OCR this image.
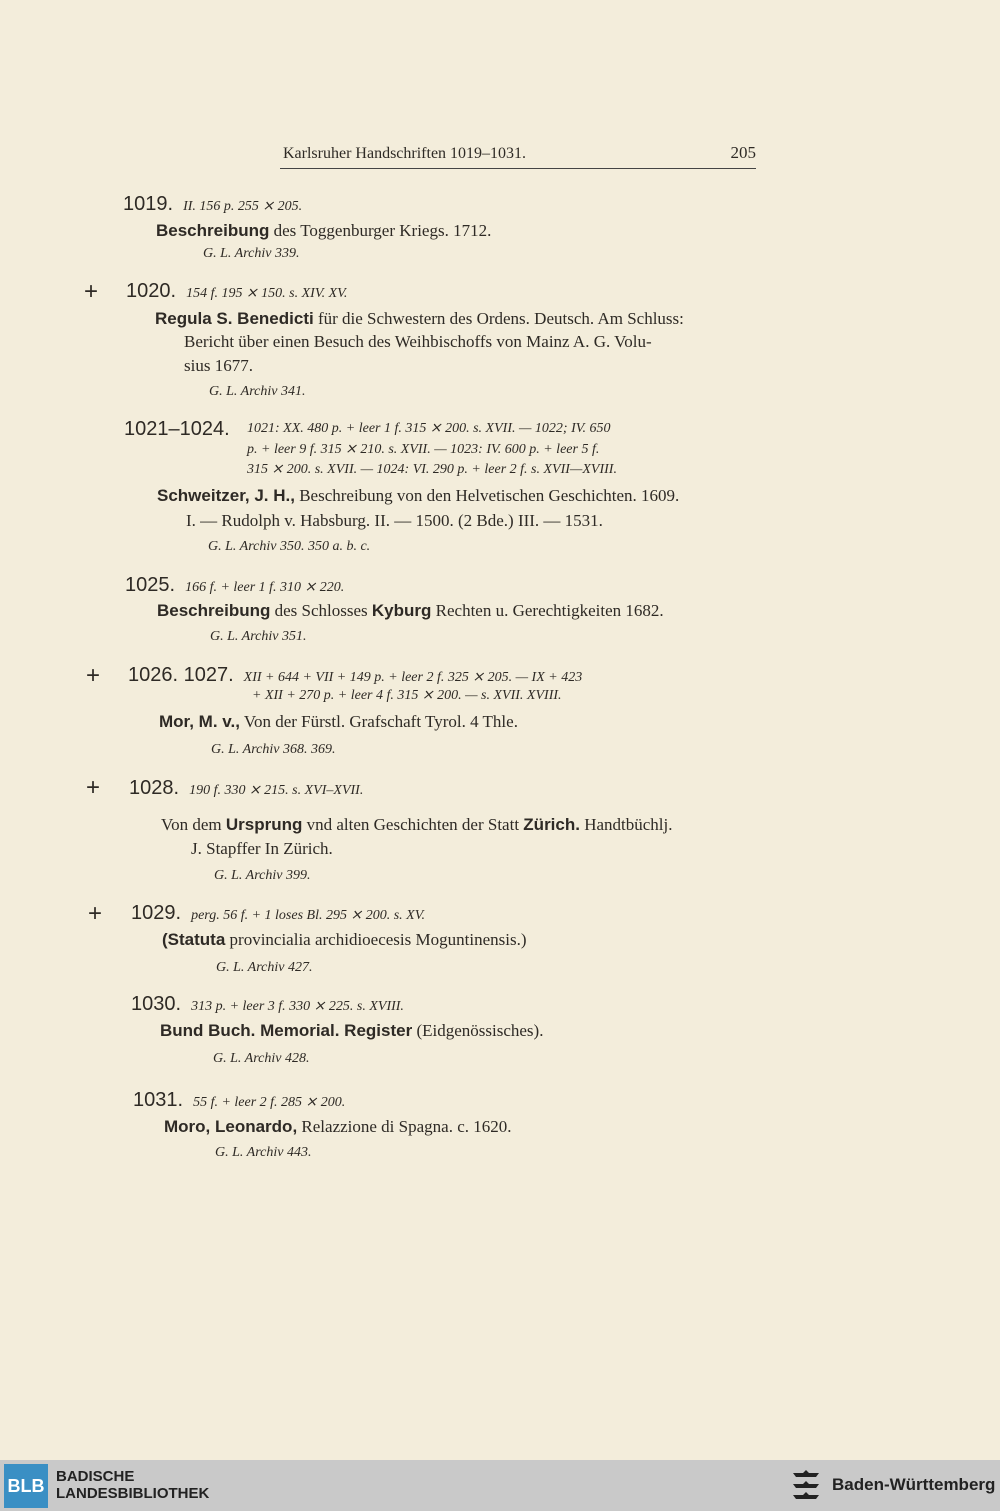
Karlsruher Handschriften 1019–1031.	205
1019. II. 156 p. 255 ⨯ 205.
Beschreibung des Toggenburger Kriegs. 1712.
G. L. Archiv 339.
+ 1020. 154 f. 195 ⨯ 150. s. XIV. XV.
Regula S. Benedicti für die Schwestern des Ordens. Deutsch. Am Schluss:
Bericht über einen Besuch des Weihbischoffs von Mainz A. G. Volu-
sius 1677.
G. L. Archiv 341.
1021–1024.	1021: XX. 480 p. + leer 1 f. 315 ⨯ 200. s. XVII. — 1022; IV. 650
p. + leer 9 f. 315 ⨯ 210. s. XVII. — 1023: IV. 600 p. + leer 5 f.
315 ⨯ 200. s. XVII. — 1024: VI. 290 p. + leer 2 f. s. XVII—XVIII.
Schweitzer, J. H., Beschreibung von den Helvetischen Geschichten. 1609.
I. — Rudolph v. Habsburg. II. — 1500. (2 Bde.) III. — 1531.
G. L. Archiv 350. 350 a. b. c.
1025. 166 f. + leer 1 f. 310 ⨯ 220.
Beschreibung des Schlosses Kyburg Rechten u. Gerechtigkeiten 1682.
G. L. Archiv 351.
+ 1026. 1027. XII + 644 + VII + 149 p. + leer 2 f. 325 ⨯ 205. — IX + 423
+ XII + 270 p. + leer 4 f. 315 ⨯ 200. — s. XVII. XVIII.
Mor, M. v., Von der Fürstl. Grafschaft Tyrol. 4 Thle.
G. L. Archiv 368. 369.
+ 1028. 190 f. 330 ⨯ 215. s. XVI–XVII.
Von dem Ursprung vnd alten Geschichten der Statt Zürich. Handtbüchlj.
J. Stapffer In Zürich.
G. L. Archiv 399.
+ 1029. perg. 56 f. + 1 loses Bl. 295 ⨯ 200. s. XV.
(Statuta provincialia archidioecesis Moguntinensis.)
G. L. Archiv 427.
1030. 313 p. + leer 3 f. 330 ⨯ 225. s. XVIII.
Bund Buch. Memorial. Register (Eidgenössisches).
G. L. Archiv 428.
1031. 55 f. + leer 2 f. 285 ⨯ 200.
Moro, Leonardo, Relazzione di Spagna. c. 1620.
G. L. Archiv 443.
BLB BADISCHE
LANDESBIBLIOTHEK	Baden-Württemberg
